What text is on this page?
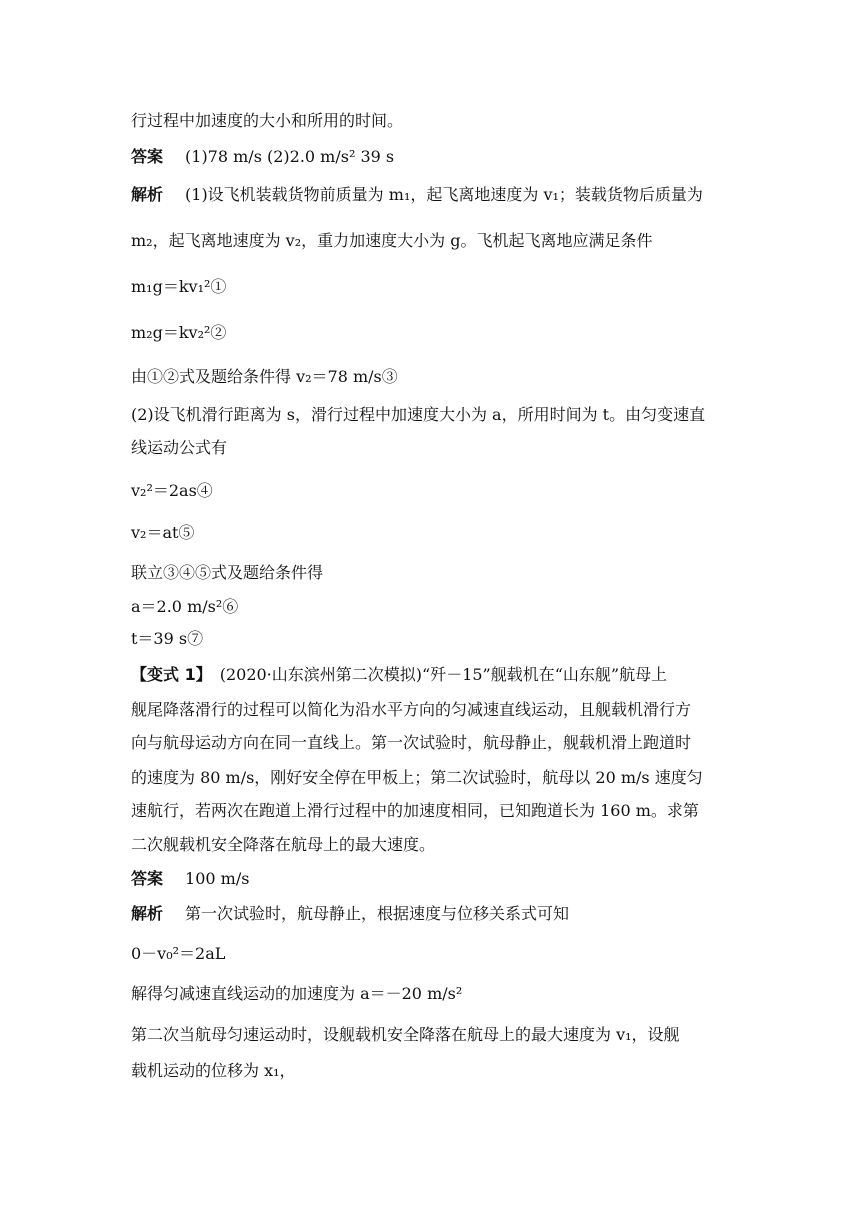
行过程中加速度的大小和所用的时间。
答案 (1)78 m/s (2)2.0 m/s² 39 s
解析 (1)设飞机装载货物前质量为 m₁，起飞离地速度为 v₁；装载货物后质量为
m₂，起飞离地速度为 v₂，重力加速度大小为 g。飞机起飞离地应满足条件
m₁g＝kv₁²①
m₂g＝kv₂²②
由①②式及题给条件得 v₂＝78 m/s③
(2)设飞机滑行距离为 s，滑行过程中加速度大小为 a，所用时间为 t。由匀变速直
线运动公式有
v₂²＝2as④
v₂＝at⑤
联立③④⑤式及题给条件得
a＝2.0 m/s²⑥
t＝39 s⑦
【变式 1】 (2020·山东滨州第二次模拟)“歼－15”舰载机在“山东舰”航母上
舰尾降落滑行的过程可以简化为沿水平方向的匀减速直线运动，且舰载机滑行方
向与航母运动方向在同一直线上。第一次试验时，航母静止，舰载机滑上跑道时
的速度为 80 m/s，刚好安全停在甲板上；第二次试验时，航母以 20 m/s 速度匀
速航行，若两次在跑道上滑行过程中的加速度相同，已知跑道长为 160 m。求第
二次舰载机安全降落在航母上的最大速度。
答案 100 m/s
解析 第一次试验时，航母静止，根据速度与位移关系式可知
0－v₀²＝2aL
解得匀减速直线运动的加速度为 a＝－20 m/s²
第二次当航母匀速运动时，设舰载机安全降落在航母上的最大速度为 v₁，设舰
载机运动的位移为 x₁，
